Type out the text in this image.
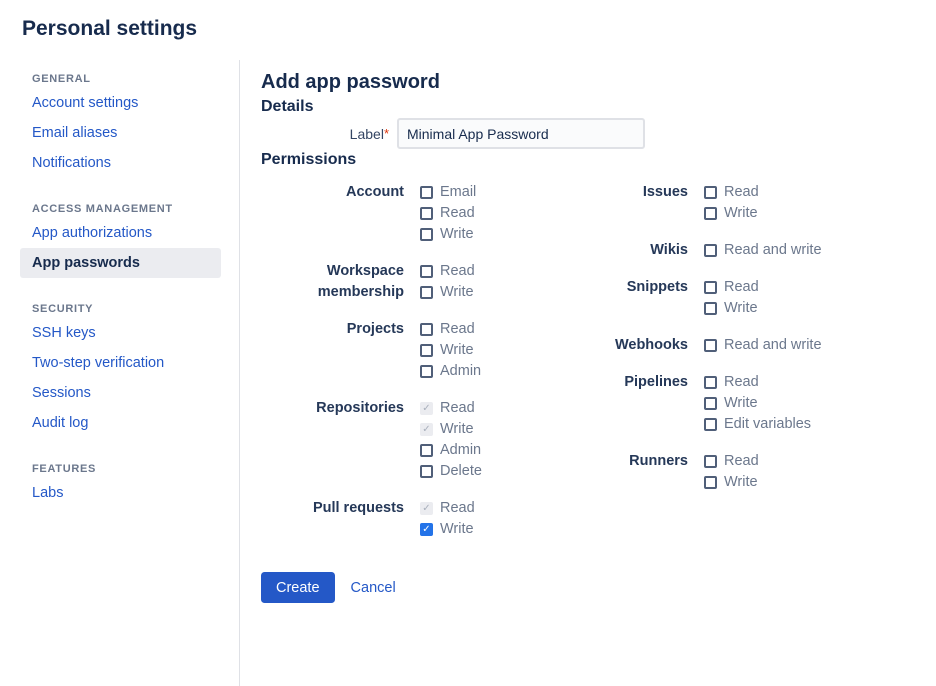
Personal settings
GENERAL
Account settings
Email aliases
Notifications
ACCESS MANAGEMENT
App authorizations
App passwords
SECURITY
SSH keys
Two-step verification
Sessions
Audit log
FEATURES
Labs
Add app password
Details
Label*
Minimal App Password
Permissions
Account Email
Read
Write
Workspace membership
Read
Write
Projects Read
Write
Admin
Repositories ✓ Read
✓ Write
Admin
Delete
Pull requests ✓ Read
✓ Write
Issues Read
Write
Wikis Read and write
Snippets Read
Write
Webhooks Read and write
Pipelines Read
Write
Edit variables
Runners Read
Write
Create	Cancel
